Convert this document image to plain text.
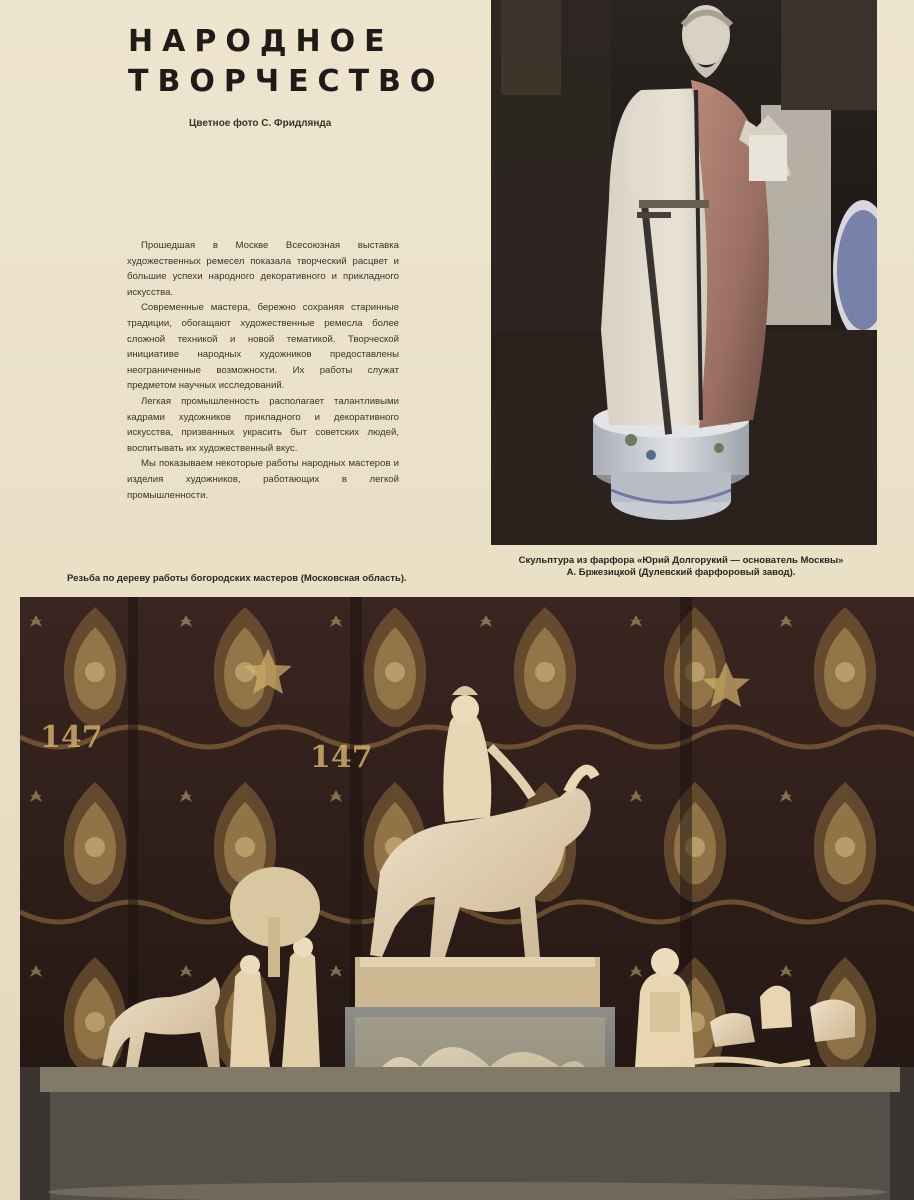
НАРОДНОЕ
ТВОРЧЕСТВО
Цветное фото С. Фридлянда

Прошедшая в Москве Всесоюзная выставка художественных ремесел показала творческий расцвет и большие успехи народного декоративного и прикладного искусства.

Современные мастера, бережно сохраняя старинные традиции, обогащают художественные ремесла более сложной техникой и новой тематикой. Творческой инициативе народных художников предоставлены неограниченные возможности. Их работы служат предметом научных исследований.

Легкая промышленность располагает талантливыми кадрами художников прикладного и декоративного искусства, призванных украсить быт советских людей, воспитывать их художественный вкус.

Мы показываем некоторые работы народных мастеров и изделия художников, работающих в легкой промышленности.

Скульптура из фарфора «Юрий Долгорукий — основатель Москвы»
А. Бржезицкой (Дулевский фарфоровый завод).
Резьба по дереву работы богородских мастеров (Московская область).
147
147
